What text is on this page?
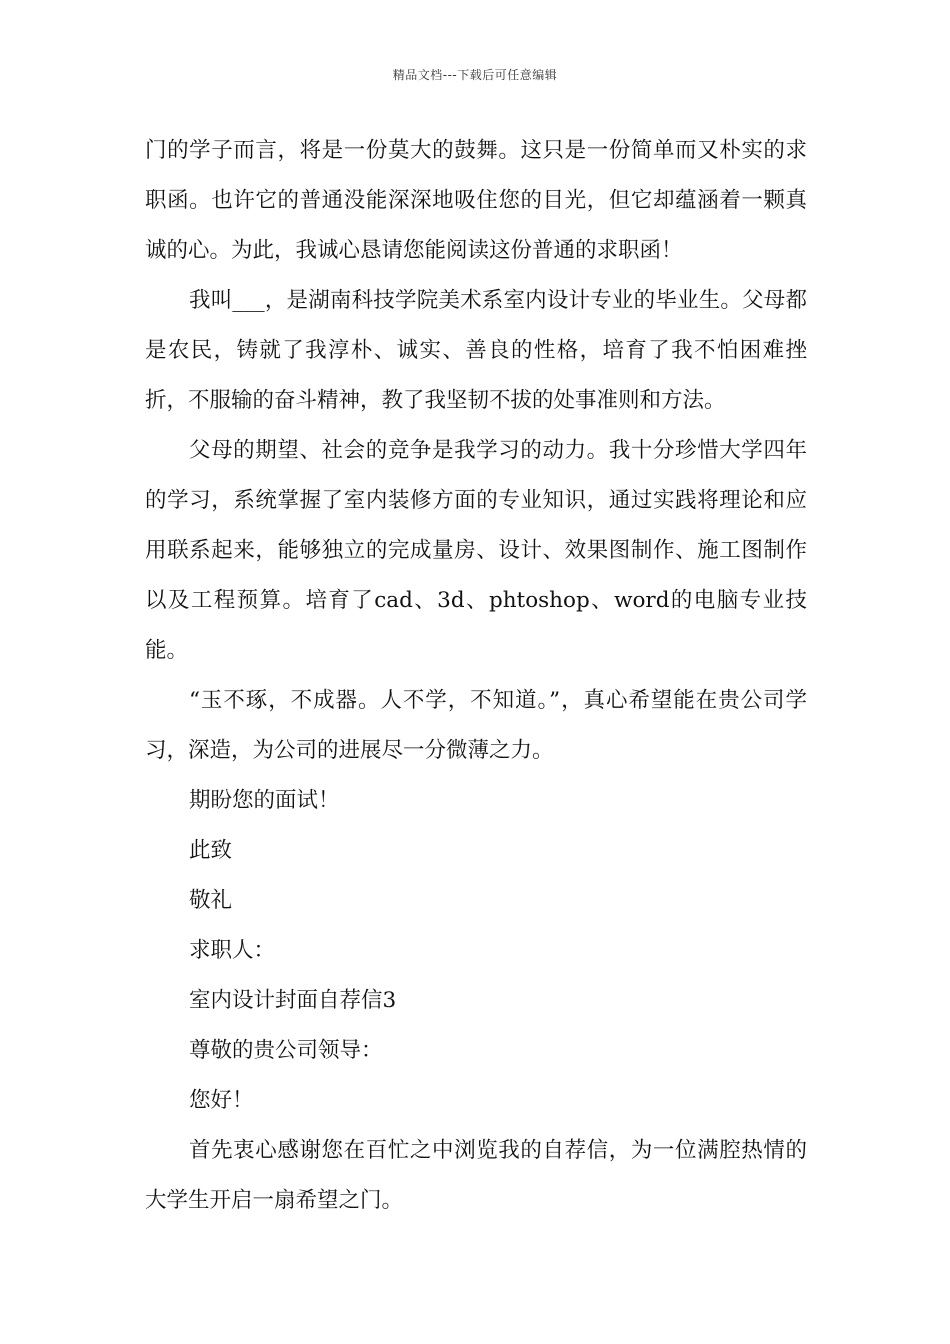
精品文档---下载后可任意编辑

门的学子而言，将是一份莫大的鼓舞。这只是一份简单而又朴实的求职函。也许它的普通没能深深地吸住您的目光，但它却蕴涵着一颗真诚的心。为此，我诚心恳请您能阅读这份普通的求职函！

我叫___，是湖南科技学院美术系室内设计专业的毕业生。父母都是农民，铸就了我淳朴、诚实、善良的性格，培育了我不怕困难挫折，不服输的奋斗精神，教了我坚韧不拔的处事准则和方法。

父母的期望、社会的竞争是我学习的动力。我十分珍惜大学四年的学习，系统掌握了室内装修方面的专业知识，通过实践将理论和应用联系起来，能够独立的完成量房、设计、效果图制作、施工图制作以及工程预算。培育了cad、3d、phtoshop、word的电脑专业技能。

“玉不琢，不成器。人不学，不知道。”，真心希望能在贵公司学习，深造，为公司的进展尽一分微薄之力。

期盼您的面试！

此致

敬礼

求职人：

室内设计封面自荐信3

尊敬的贵公司领导：

您好！

首先衷心感谢您在百忙之中浏览我的自荐信，为一位满腔热情的大学生开启一扇希望之门。
